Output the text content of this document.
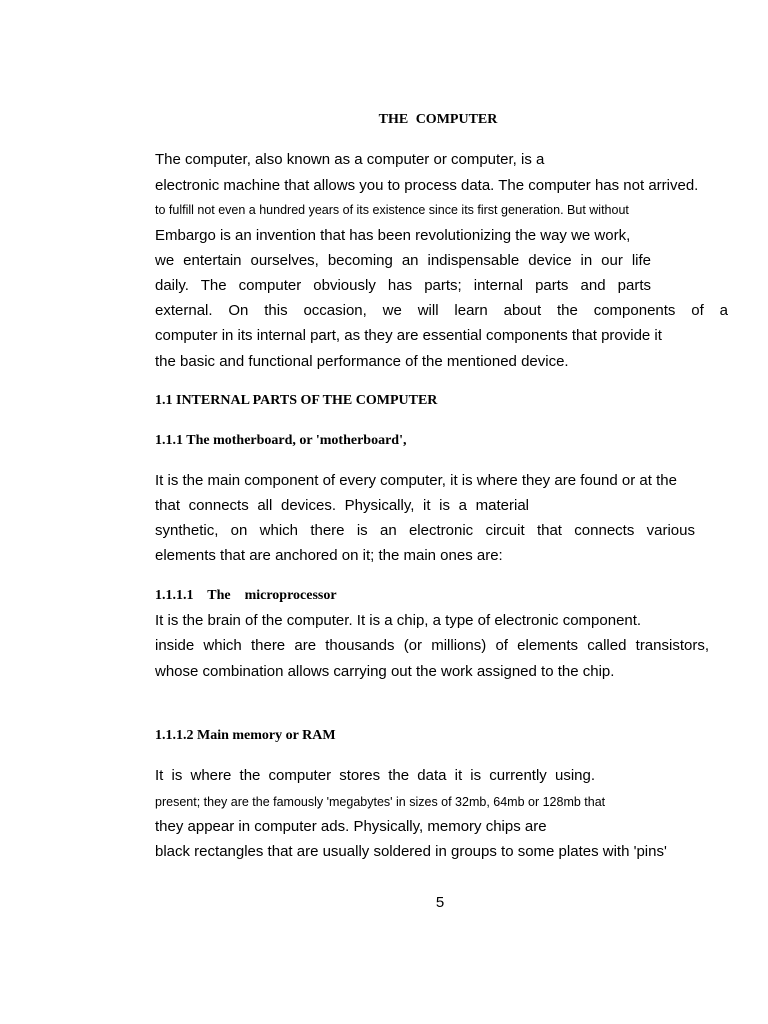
THE COMPUTER

The computer, also known as a computer or computer, is a

electronic machine that allows you to process data. The computer has not arrived.

to fulfill not even a hundred years of its existence since its first generation. But without

Embargo is an invention that has been revolutionizing the way we work,

we entertain ourselves, becoming an indispensable device in our life

daily. The computer obviously has parts; internal parts and parts

external. On this occasion, we will learn about the components of a

computer in its internal part, as they are essential components that provide it

the basic and functional performance of the mentioned device.

1.1 INTERNAL PARTS OF THE COMPUTER

1.1.1 The motherboard, or 'motherboard',

It is the main component of every computer, it is where they are found or at the

that connects all devices. Physically, it is a material

synthetic, on which there is an electronic circuit that connects various

elements that are anchored on it; the main ones are:

1.1.1.1    The    microprocessor

It is the brain of the computer. It is a chip, a type of electronic component.

inside which there are thousands (or millions) of elements called transistors,

whose combination allows carrying out the work assigned to the chip.

1.1.1.2 Main memory or RAM

It is where the computer stores the data it is currently using.

present; they are the famously 'megabytes' in sizes of 32mb, 64mb or 128mb that

they appear in computer ads. Physically, memory chips are

black rectangles that are usually soldered in groups to some plates with 'pins'

5
